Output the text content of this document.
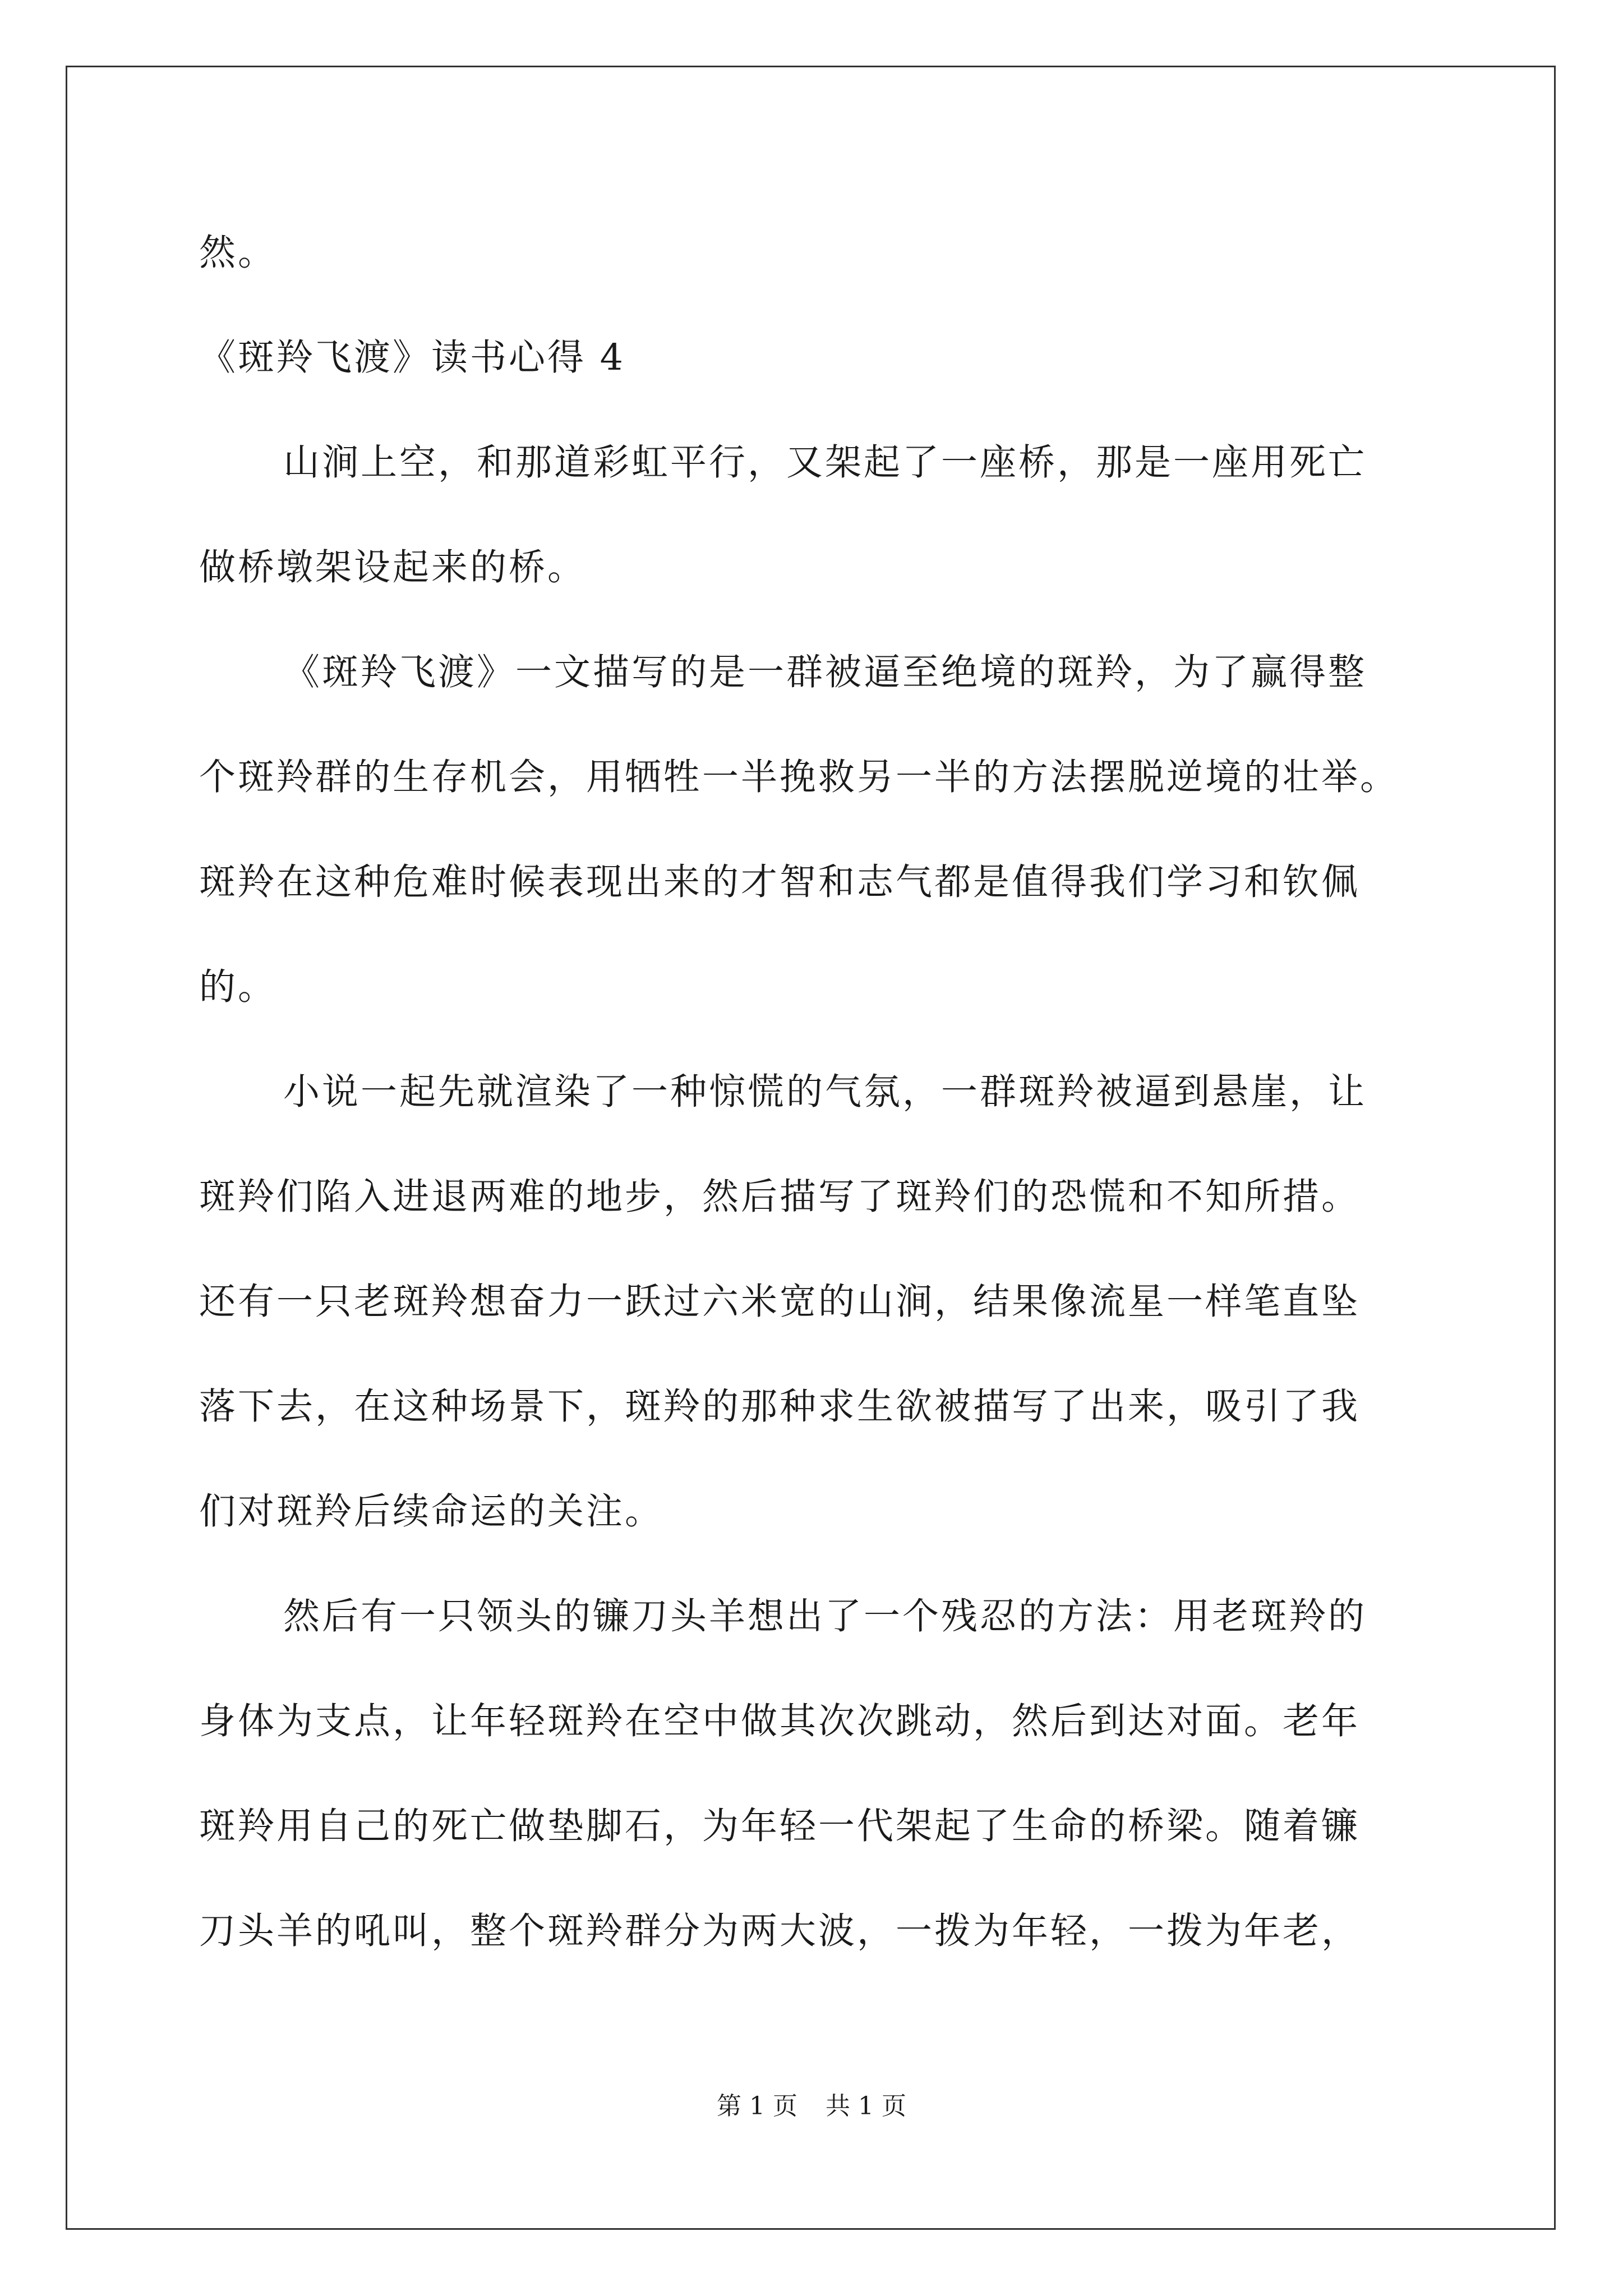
然。
《斑羚飞渡》读书心得 4
山涧上空，和那道彩虹平行，又架起了一座桥，那是一座用死亡
做桥墩架设起来的桥。
《斑羚飞渡》一文描写的是一群被逼至绝境的斑羚，为了赢得整
个斑羚群的生存机会，用牺牲一半挽救另一半的方法摆脱逆境的壮举。
斑羚在这种危难时候表现出来的才智和志气都是值得我们学习和钦佩
的。
小说一起先就渲染了一种惊慌的气氛，一群斑羚被逼到悬崖，让
斑羚们陷入进退两难的地步，然后描写了斑羚们的恐慌和不知所措。
还有一只老斑羚想奋力一跃过六米宽的山涧，结果像流星一样笔直坠
落下去，在这种场景下，斑羚的那种求生欲被描写了出来，吸引了我
们对斑羚后续命运的关注。
然后有一只领头的镰刀头羊想出了一个残忍的方法：用老斑羚的
身体为支点，让年轻斑羚在空中做其次次跳动，然后到达对面。老年
斑羚用自己的死亡做垫脚石，为年轻一代架起了生命的桥梁。随着镰
刀头羊的吼叫，整个斑羚群分为两大波，一拨为年轻，一拨为年老，
第 1 页 共 1 页
